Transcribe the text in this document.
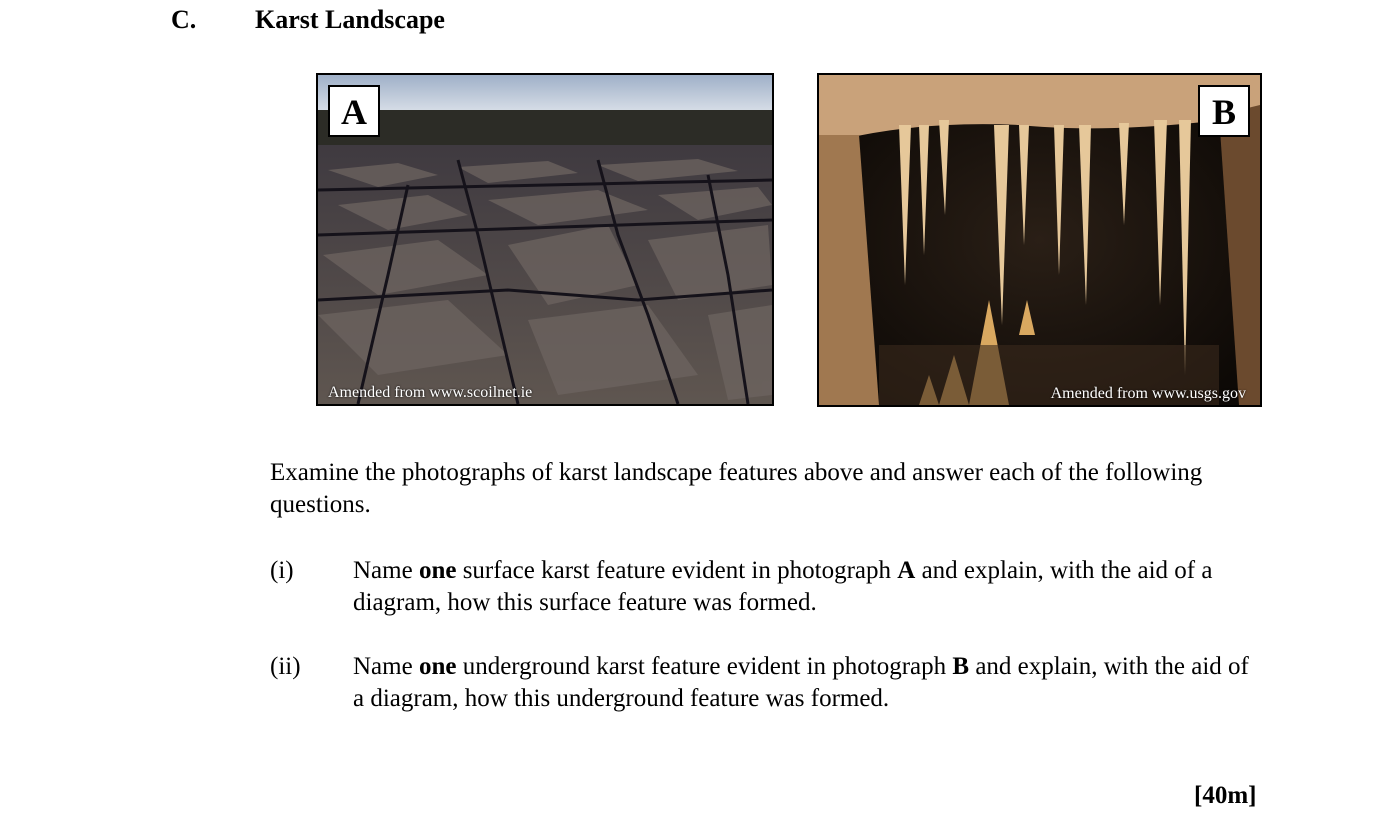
C. Karst Landscape
A
Amended from www.scoilnet.ie
B
Amended from www.usgs.gov
Examine the photographs of karst landscape features above and answer each of the following questions.
(i) Name one surface karst feature evident in photograph A and explain, with the aid of a diagram, how this surface feature was formed.
(ii) Name one underground karst feature evident in photograph B and explain, with the aid of a diagram, how this underground feature was formed.
[40m]
